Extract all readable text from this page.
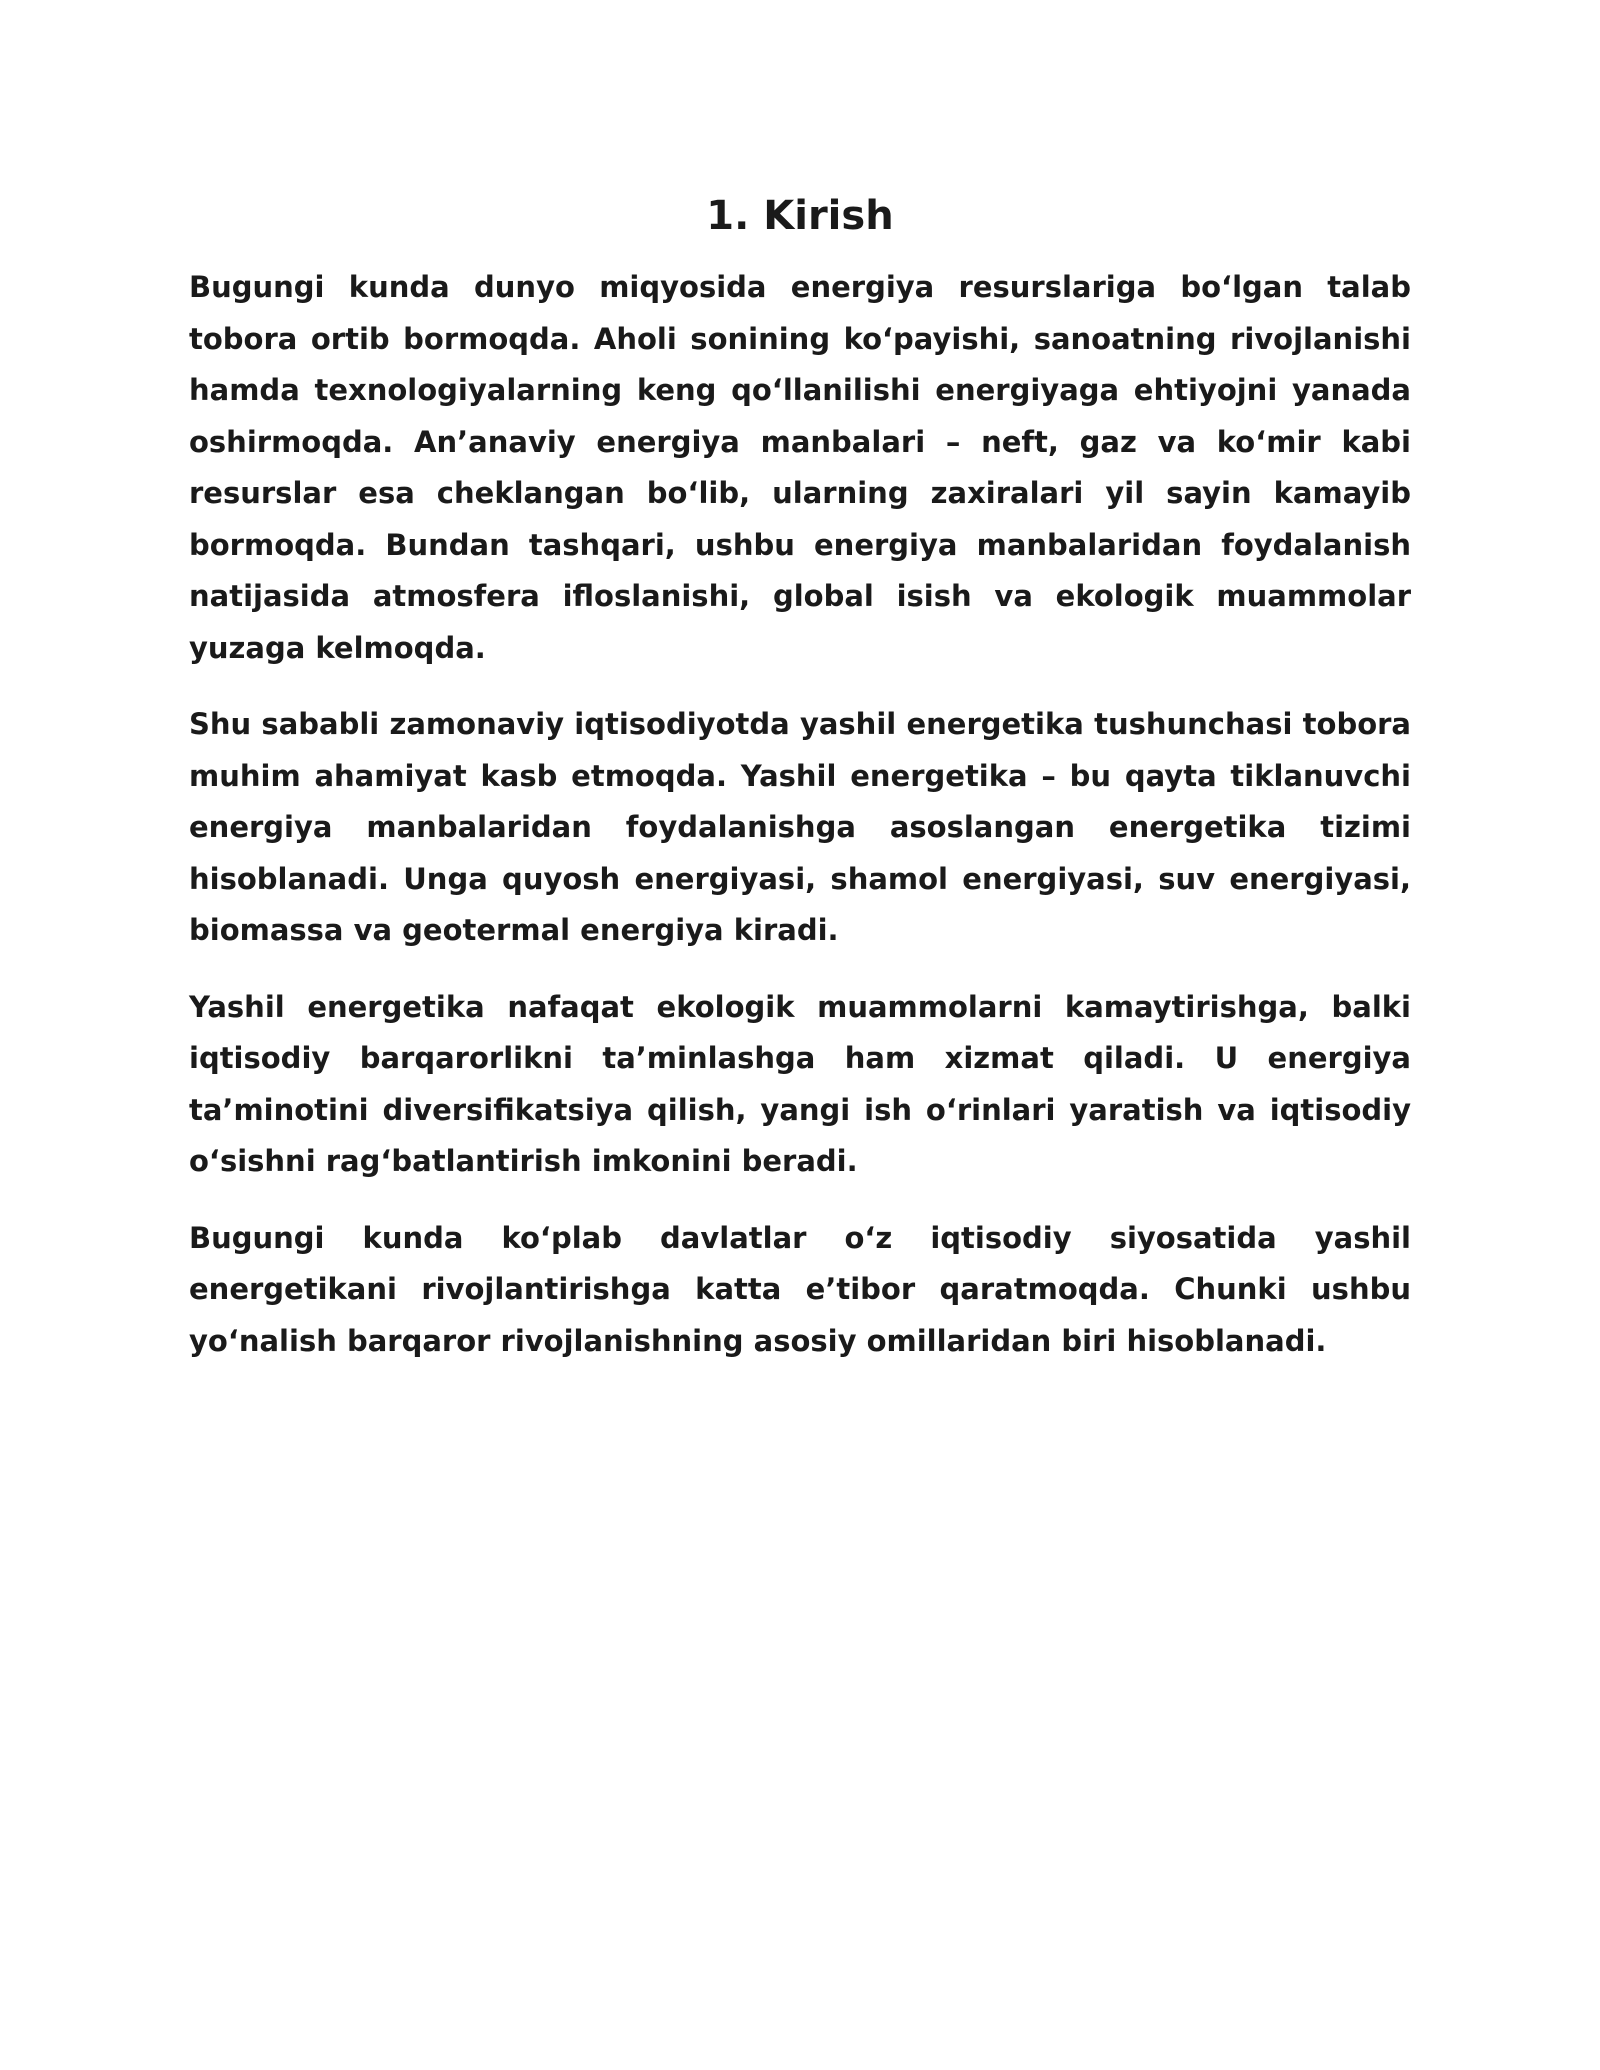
1. Kirish

Bugungi kunda dunyo miqyosida energiya resurslariga bo‘lgan talab tobora ortib bormoqda. Aholi sonining ko‘payishi, sanoatning rivojlanishi hamda texnologiyalarning keng qo‘llanilishi energiyaga ehtiyojni yanada oshirmoqda. An’anaviy energiya manbalari – neft, gaz va ko‘mir kabi resurslar esa cheklangan bo‘lib, ularning zaxiralari yil sayin kamayib bormoqda. Bundan tashqari, ushbu energiya manbalaridan foydalanish natijasida atmosfera ifloslanishi, global isish va ekologik muammolar yuzaga kelmoqda.

Shu sababli zamonaviy iqtisodiyotda yashil energetika tushunchasi tobora muhim ahamiyat kasb etmoqda. Yashil energetika – bu qayta tiklanuvchi energiya manbalaridan foydalanishga asoslangan energetika tizimi hisoblanadi. Unga quyosh energiyasi, shamol energiyasi, suv energiyasi, biomassa va geotermal energiya kiradi.

Yashil energetika nafaqat ekologik muammolarni kamaytirishga, balki iqtisodiy barqarorlikni ta’minlashga ham xizmat qiladi. U energiya ta’minotini diversifikatsiya qilish, yangi ish o‘rinlari yaratish va iqtisodiy o‘sishni rag‘batlantirish imkonini beradi.

Bugungi kunda ko‘plab davlatlar o‘z iqtisodiy siyosatida yashil energetikani rivojlantirishga katta e’tibor qaratmoqda. Chunki ushbu yo‘nalish barqaror rivojlanishning asosiy omillaridan biri hisoblanadi.
